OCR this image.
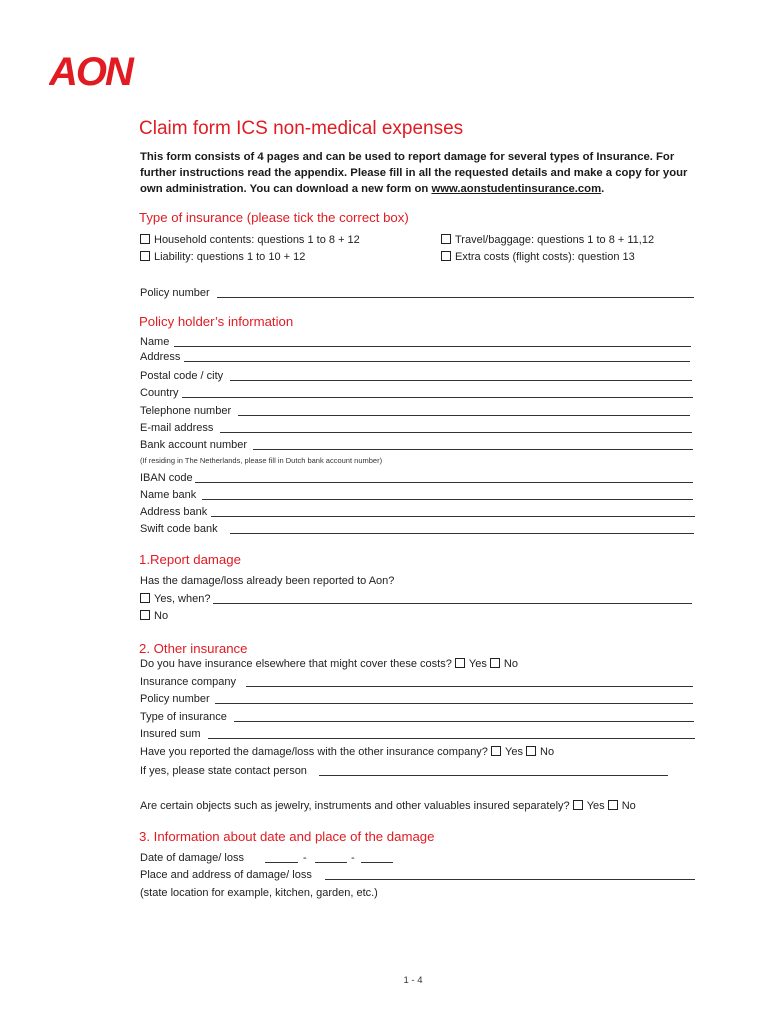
AON
Claim form ICS non-medical expenses
This form consists of 4 pages and can be used to report damage for several types of Insurance. For further instructions read the appendix. Please fill in all the requested details and make a copy for your own administration. You can download a new form on www.aonstudentinsurance.com.
Type of insurance (please tick the correct box)
Household contents: questions 1 to 8 + 12	Travel/baggage: questions 1 to 8 + 11,12
Liability: questions 1 to 10 + 12	Extra costs (flight costs): question 13
Policy number
Policy holder’s information
Name
Address
Postal code / city
Country
Telephone number
E-mail address
Bank account number
(If residing in The Netherlands, please fill in Dutch bank account number)
IBAN code
Name bank
Address bank
Swift code bank
1.Report damage
Has the damage/loss already been reported to Aon?
Yes, when?
No
2. Other insurance
Do you have insurance elsewhere that might cover these costs? Yes No
Insurance company
Policy number
Type of insurance
Insured sum
Have you reported the damage/loss with the other insurance company? Yes No
If yes, please state contact person
Are certain objects such as jewelry, instruments and other valuables insured separately? Yes No
3. Information about date and place of the damage
Date of damage/ loss	-	-
Place and address of damage/ loss
(state location for example, kitchen, garden, etc.)
1 - 4
